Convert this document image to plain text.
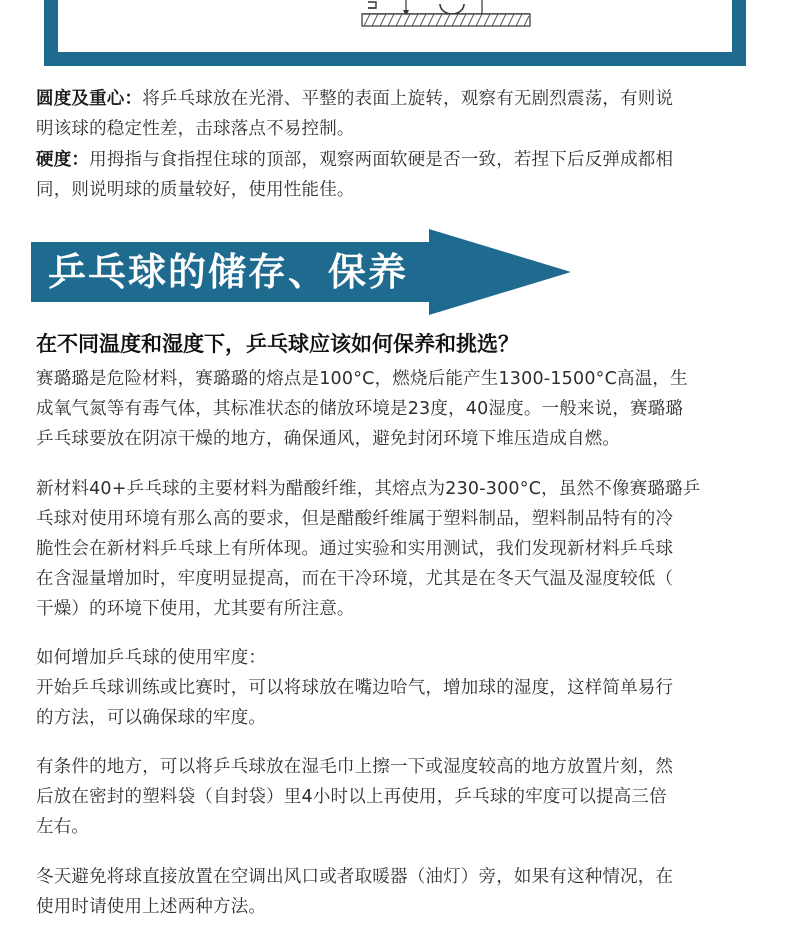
圆度及重心：将乒乓球放在光滑、平整的表面上旋转，观察有无剧烈震荡，有则说
明该球的稳定性差，击球落点不易控制。
硬度：用拇指与食指捏住球的顶部，观察两面软硬是否一致，若捏下后反弹成都相
同，则说明球的质量较好，使用性能佳。
乒乓球的储存、保养
在不同温度和湿度下，乒乓球应该如何保养和挑选？
赛璐璐是危险材料，赛璐璐的熔点是100°C，燃烧后能产生1300-1500°C高温，生
成氧气氮等有毒气体，其标准状态的储放环境是23度，40湿度。一般来说，赛璐璐
乒乓球要放在阴凉干燥的地方，确保通风，避免封闭环境下堆压造成自燃。
新材料40+乒乓球的主要材料为醋酸纤维，其熔点为230-300°C，虽然不像赛璐璐乒
乓球对使用环境有那么高的要求，但是醋酸纤维属于塑料制品，塑料制品特有的冷
脆性会在新材料乒乓球上有所体现。通过实验和实用测试，我们发现新材料乒乓球
在含湿量增加时，牢度明显提高，而在干冷环境，尤其是在冬天气温及湿度较低（
干燥）的环境下使用，尤其要有所注意。
如何增加乒乓球的使用牢度：
开始乒乓球训练或比赛时，可以将球放在嘴边哈气，增加球的湿度，这样简单易行
的方法，可以确保球的牢度。
有条件的地方，可以将乒乓球放在湿毛巾上擦一下或湿度较高的地方放置片刻，然
后放在密封的塑料袋（自封袋）里4小时以上再使用，乒乓球的牢度可以提高三倍
左右。
冬天避免将球直接放置在空调出风口或者取暖器（油灯）旁，如果有这种情况，在
使用时请使用上述两种方法。
